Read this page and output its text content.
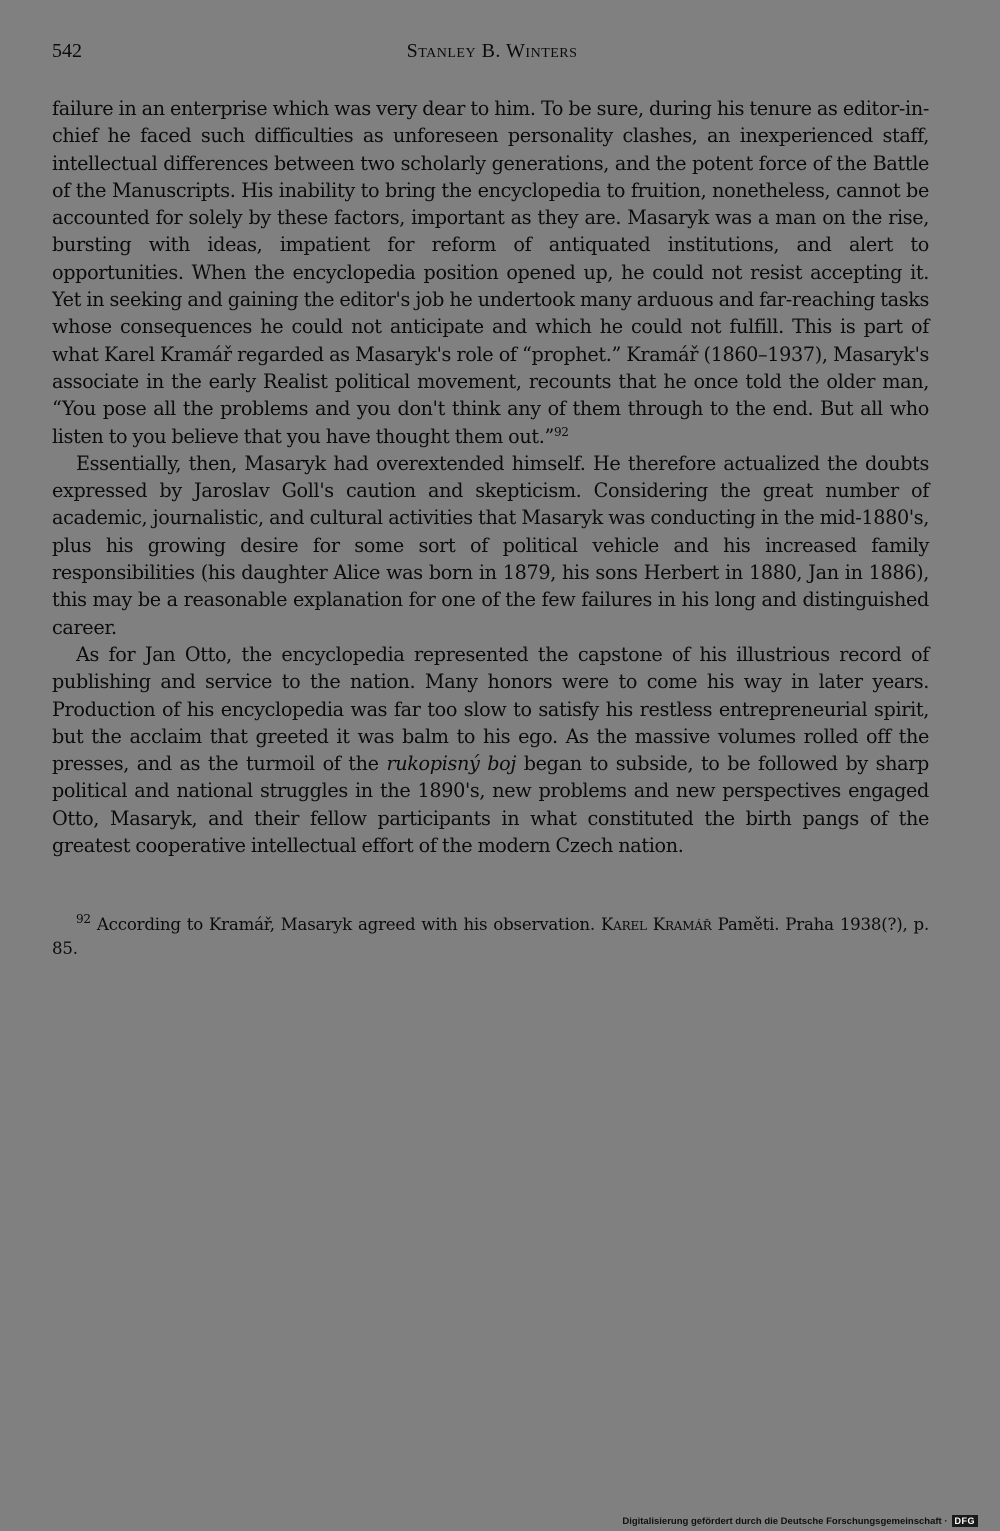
542	Stanley B. Winters

failure in an enterprise which was very dear to him. To be sure, during his tenure as editor-in-chief he faced such difficulties as unforeseen personality clashes, an inexperienced staff, intellectual differences between two scholarly generations, and the potent force of the Battle of the Manuscripts. His inability to bring the encyclopedia to fruition, nonetheless, cannot be accounted for solely by these factors, important as they are. Masaryk was a man on the rise, bursting with ideas, impatient for reform of antiquated institutions, and alert to opportunities. When the encyclopedia position opened up, he could not resist accepting it. Yet in seeking and gaining the editor's job he undertook many arduous and far-reaching tasks whose consequences he could not anticipate and which he could not fulfill. This is part of what Karel Kramář regarded as Masaryk's role of “prophet.” Kramář (1860–1937), Masaryk's associate in the early Realist political movement, recounts that he once told the older man, “You pose all the problems and you don't think any of them through to the end. But all who listen to you believe that you have thought them out.”$^{92}$

Essentially, then, Masaryk had overextended himself. He therefore actualized the doubts expressed by Jaroslav Goll's caution and skepticism. Considering the great number of academic, journalistic, and cultural activities that Masaryk was conducting in the mid-1880's, plus his growing desire for some sort of political vehicle and his increased family responsibilities (his daughter Alice was born in 1879, his sons Herbert in 1880, Jan in 1886), this may be a reasonable explanation for one of the few failures in his long and distinguished career.

As for Jan Otto, the encyclopedia represented the capstone of his illustrious record of publishing and service to the nation. Many honors were to come his way in later years. Production of his encyclopedia was far too slow to satisfy his restless entrepreneurial spirit, but the acclaim that greeted it was balm to his ego. As the massive volumes rolled off the presses, and as the turmoil of the rukopisný boj began to subside, to be followed by sharp political and national struggles in the 1890's, new problems and new perspectives engaged Otto, Masaryk, and their fellow participants in what constituted the birth pangs of the greatest cooperative intellectual effort of the modern Czech nation.

$^{92}$ According to Kramář, Masaryk agreed with his observation. Karel Kramář Paměti. Praha 1938(?), p. 85.
Digitalisierung gefördert durch die Deutsche Forschungsgemeinschaft · DFG
